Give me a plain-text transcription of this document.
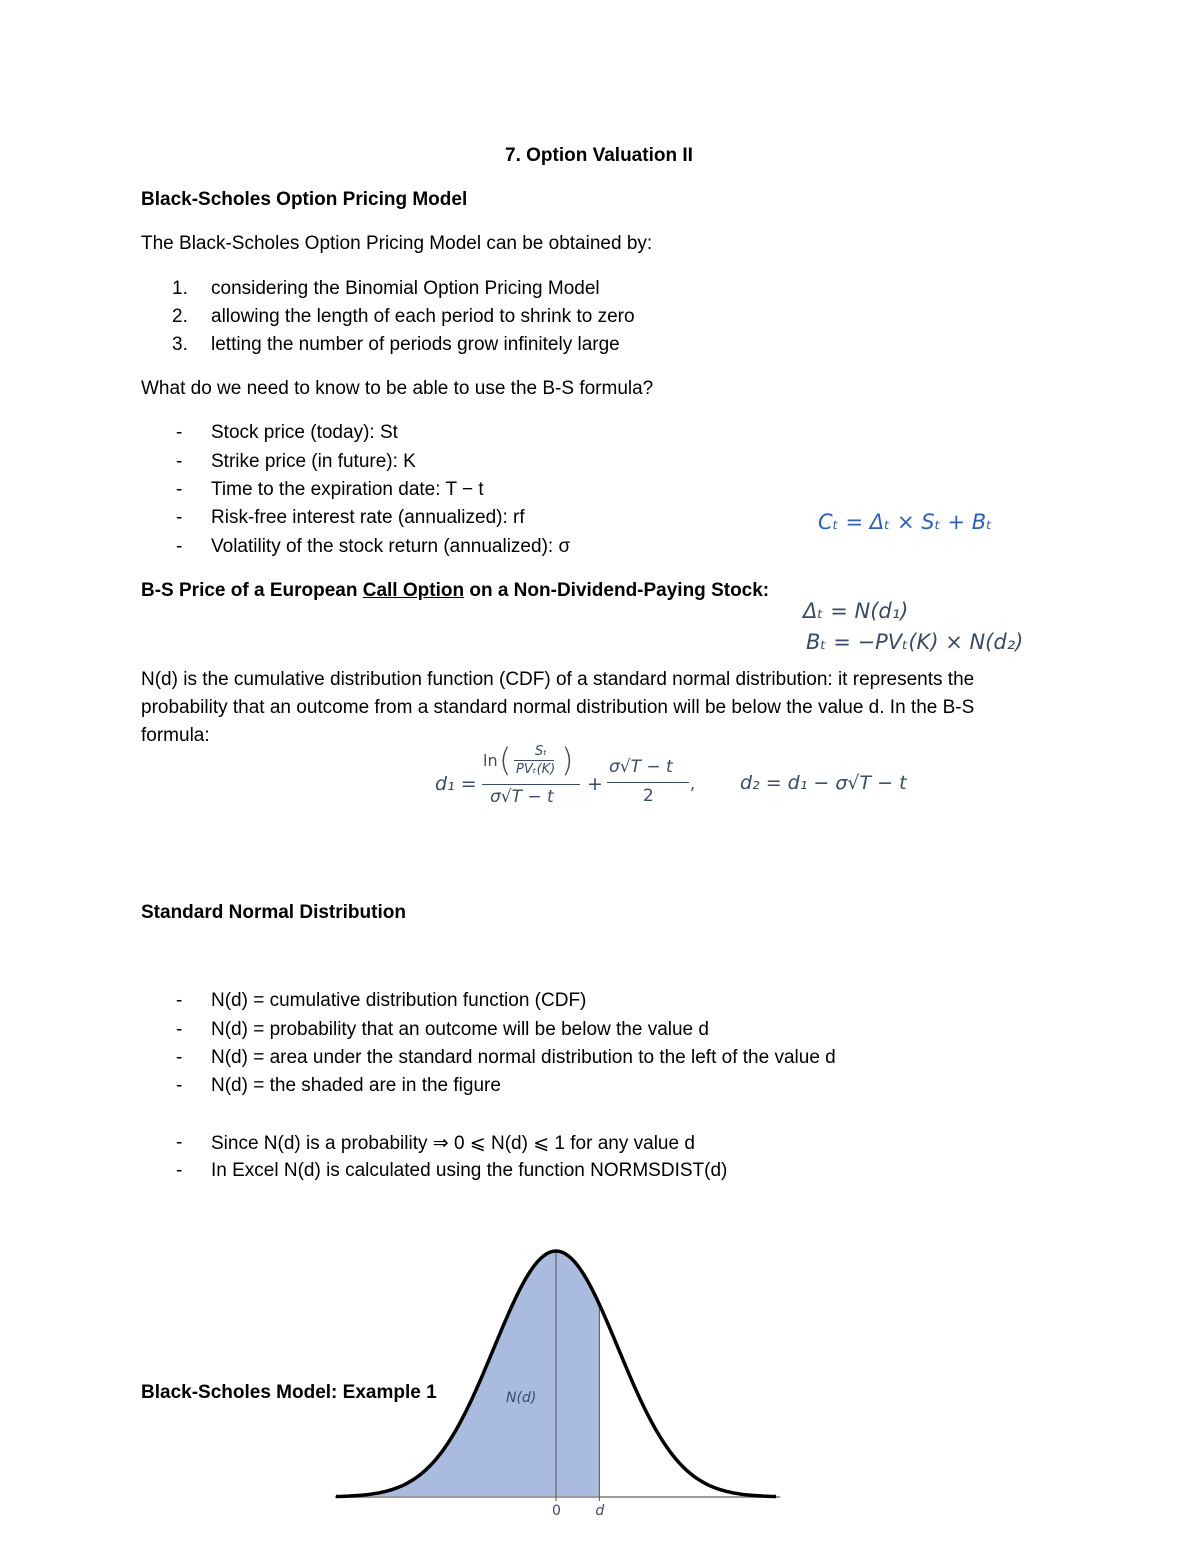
7. Option Valuation II
Black-Scholes Option Pricing Model
The Black-Scholes Option Pricing Model can be obtained by:
1. considering the Binomial Option Pricing Model
2. allowing the length of each period to shrink to zero
3. letting the number of periods grow infinitely large
What do we need to know to be able to use the B-S formula?
- Stock price (today): St
- Strike price (in future): K
- Time to the expiration date: T − t
- Risk-free interest rate (annualized): rf
- Volatility of the stock return (annualized): σ
Cₜ = Δₜ × Sₜ + Bₜ
B-S Price of a European Call Option on a Non-Dividend-Paying Stock:
Δₜ = N(d₁)
Bₜ = −PVₜ(K) × N(d₂)
N(d) is the cumulative distribution function (CDF) of a standard normal distribution: it represents the
probability that an outcome from a standard normal distribution will be below the value d. In the B-S
formula:
d₁ =
ln ( Sₜ
PVₜ(K) )
σ√T − t
+
σ√T − t
2
, d₂ = d₁ − σ√T − t
Standard Normal Distribution
- N(d) = cumulative distribution function (CDF)
- N(d) = probability that an outcome will be below the value d
- N(d) = area under the standard normal distribution to the left of the value d
- N(d) = the shaded are in the figure
- Since N(d) is a probability ⇒ 0 ⩽ N(d) ⩽ 1 for any value d
- In Excel N(d) is calculated using the function NORMSDIST(d)
N(d)
0 d
Black-Scholes Model: Example 1
